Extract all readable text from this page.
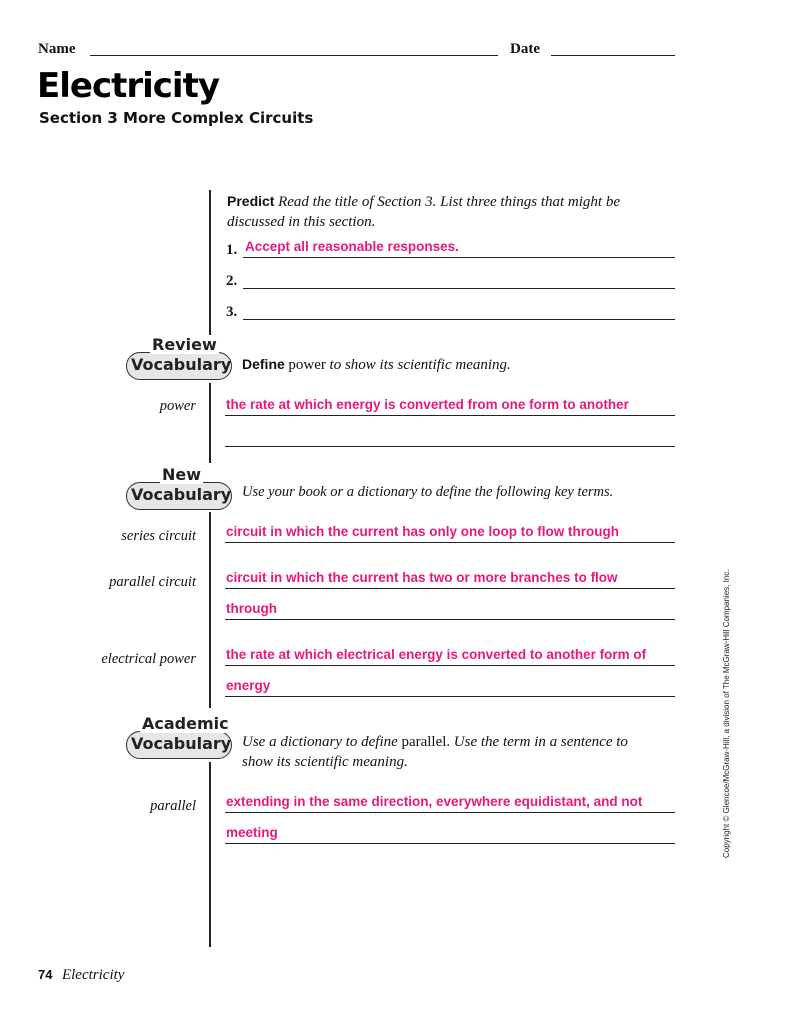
Name	Date
Electricity
Section 3 More Complex Circuits
Predict Read the title of Section 3. List three things that might be discussed in this section.
1. Accept all reasonable responses.
2.
3.
Review
Vocabulary Define power to show its scientific meaning.
power the rate at which energy is converted from one form to another
New
Vocabulary Use your book or a dictionary to define the following key terms.
series circuit circuit in which the current has only one loop to flow through
parallel circuit circuit in which the current has two or more branches to flow
through
electrical power the rate at which electrical energy is converted to another form of
energy
Academic
Vocabulary Use a dictionary to define parallel. Use the term in a sentence to
show its scientific meaning.
parallel extending in the same direction, everywhere equidistant, and not
meeting	Copyright © Glencoe/McGraw-Hill, a division of The McGraw-Hill Companies, Inc.
74 Electricity
